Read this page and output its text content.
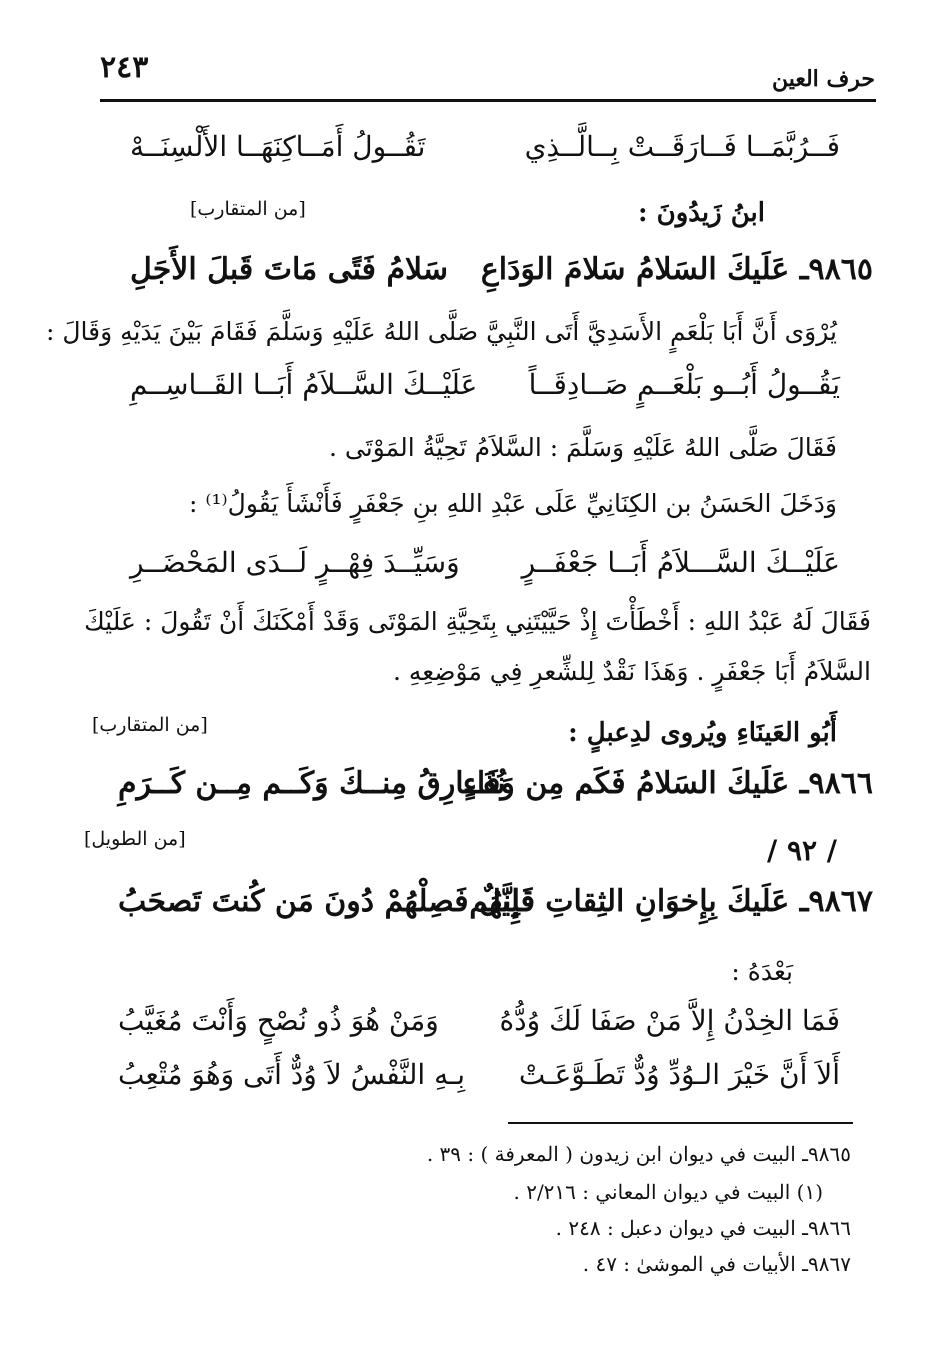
٢٤٣	حرف العين
فَــرُبَّمَــا فَــارَقَــتْ بِــالَّــذِي
تَقُــولُ أَمَــاكِنَهَــا الأَلْسِنَــهْ
ابنُ زَيدُونَ :
[من المتقارب]
٩٨٦٥ـ عَلَيكَ السَلامُ سَلامَ الوَدَاعِ
سَلامُ فَتًى مَاتَ قَبلَ الأَجَلِ
يُرْوَى أَنَّ أَبَا بَلْعَمٍ الأَسَدِيَّ أَتَى النَّبِيَّ صَلَّى اللهُ عَلَيْهِ وَسَلَّمَ فَقَامَ بَيْنَ يَدَيْهِ وَقَالَ :
يَقُــولُ أَبُــو بَلْعَــمٍ صَــادِقَــاً
عَلَيْــكَ السَّــلاَمُ أَبَــا القَــاسِــمِ
فَقَالَ صَلَّى اللهُ عَلَيْهِ وَسَلَّمَ : السَّلاَمُ تَحِيَّةُ المَوْتَى .
وَدَخَلَ الحَسَنُ بن الكِنَانِيِّ عَلَى عَبْدِ اللهِ بنِ جَعْفَرٍ فَأَنْشَأَ يَقُولُ⁽¹⁾ :
عَلَيْــكَ السَّـــلاَمُ أَبَــا جَعْفَــرٍ
وَسَيِّــدَ فِهْــرٍ لَــدَى المَحْضَــرِ
فَقَالَ لَهُ عَبْدُ اللهِ : أَخْطَأْتَ إِذْ حَيَّيْتَنِي بِتَحِيَّةِ المَوْتَى وَقَدْ أَمْكَنَكَ أَنْ تَقُولَ : عَلَيْكَ
السَّلاَمُ أَبَا جَعْفَرٍ . وَهَذَا نَقْدٌ لِلشِّعرِ فِي مَوْضِعِهِ .
أَبُو العَينَاءِ ويُروى لدِعبلٍ :
[من المتقارب]
٩٨٦٦ـ عَلَيكَ السَلامُ فَكَم مِن وَفَاءٍ
نُفَــارِقُ مِنــكَ وَكَــم مِــن كَــرَمِ
[من الطويل]	/ ٩٢ /
٩٨٦٧ـ عَلَيكَ بِإِخوَانِ الثِقاتِ فَإِنَّهُم
قَلِيلٌ فَصِلْهُمْ دُونَ مَن كُنتَ تَصحَبُ
بَعْدَهُ :
فَمَا الخِدْنُ إِلاَّ مَنْ صَفَا لَكَ وُدُّهُ
وَمَنْ هُوَ ذُو نُصْحٍ وَأَنْتَ مُغَيَّبُ
أَلاَ أَنَّ خَيْرَ الـوُدِّ وُدٌّ تَطَـوَّعَـتْ
بِـهِ النَّفْسُ لاَ وُدٌّ أَتَى وَهُوَ مُتْعِبُ
٩٨٦٥ـ البيت في ديوان ابن زيدون ( المعرفة ) : ٣٩ .
(١) البيت في ديوان المعاني : ٢/٢١٦ .
٩٨٦٦ـ البيت في ديوان دعبل : ٢٤٨ .
٩٨٦٧ـ الأبيات في الموشىٰ : ٤٧ .
